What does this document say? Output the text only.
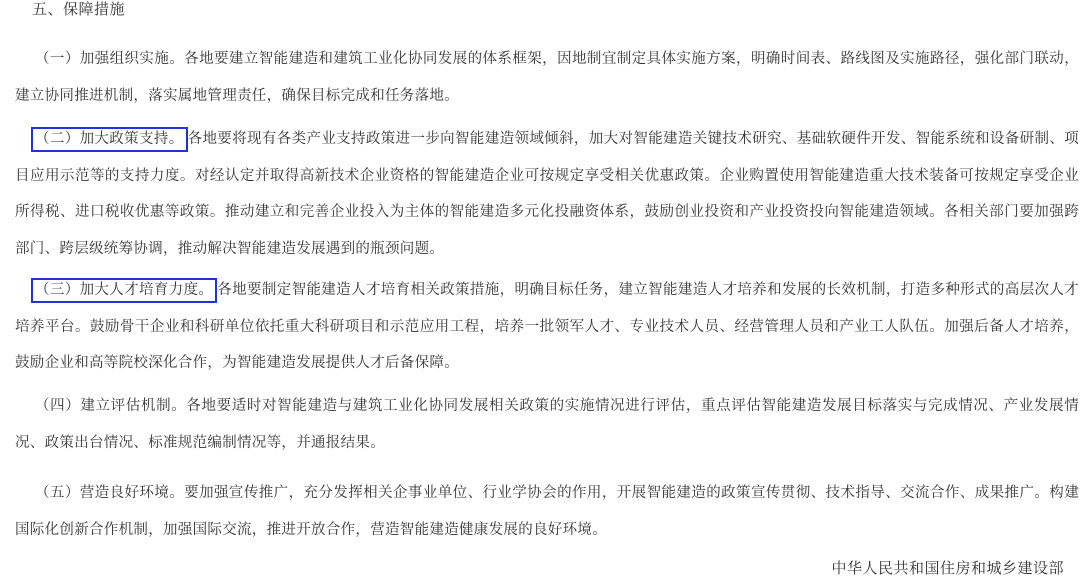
五、保障措施

（一）加强组织实施。各地要建立智能建造和建筑工业化协同发展的体系框架，因地制宜制定具体实施方案，明确时间表、路线图及实施路径，强化部门联动，建立协同推进机制，落实属地管理责任，确保目标完成和任务落地。

（二）加大政策支持。 各地要将现有各类产业支持政策进一步向智能建造领域倾斜，加大对智能建造关键技术研究、基础软硬件开发、智能系统和设备研制、项目应用示范等的支持力度。对经认定并取得高新技术企业资格的智能建造企业可按规定享受相关优惠政策。企业购置使用智能建造重大技术装备可按规定享受企业所得税、进口税收优惠等政策。推动建立和完善企业投入为主体的智能建造多元化投融资体系，鼓励创业投资和产业投资投向智能建造领域。各相关部门要加强跨部门、跨层级统筹协调，推动解决智能建造发展遇到的瓶颈问题。

（三）加大人才培育力度。 各地要制定智能建造人才培育相关政策措施，明确目标任务，建立智能建造人才培养和发展的长效机制，打造多种形式的高层次人才培养平台。鼓励骨干企业和科研单位依托重大科研项目和示范应用工程，培养一批领军人才、专业技术人员、经营管理人员和产业工人队伍。加强后备人才培养，鼓励企业和高等院校深化合作，为智能建造发展提供人才后备保障。

（四）建立评估机制。各地要适时对智能建造与建筑工业化协同发展相关政策的实施情况进行评估，重点评估智能建造发展目标落实与完成情况、产业发展情况、政策出台情况、标准规范编制情况等，并通报结果。

（五）营造良好环境。要加强宣传推广，充分发挥相关企事业单位、行业学协会的作用，开展智能建造的政策宣传贯彻、技术指导、交流合作、成果推广。构建国际化创新合作机制，加强国际交流，推进开放合作，营造智能建造健康发展的良好环境。

中华人民共和国住房和城乡建设部
